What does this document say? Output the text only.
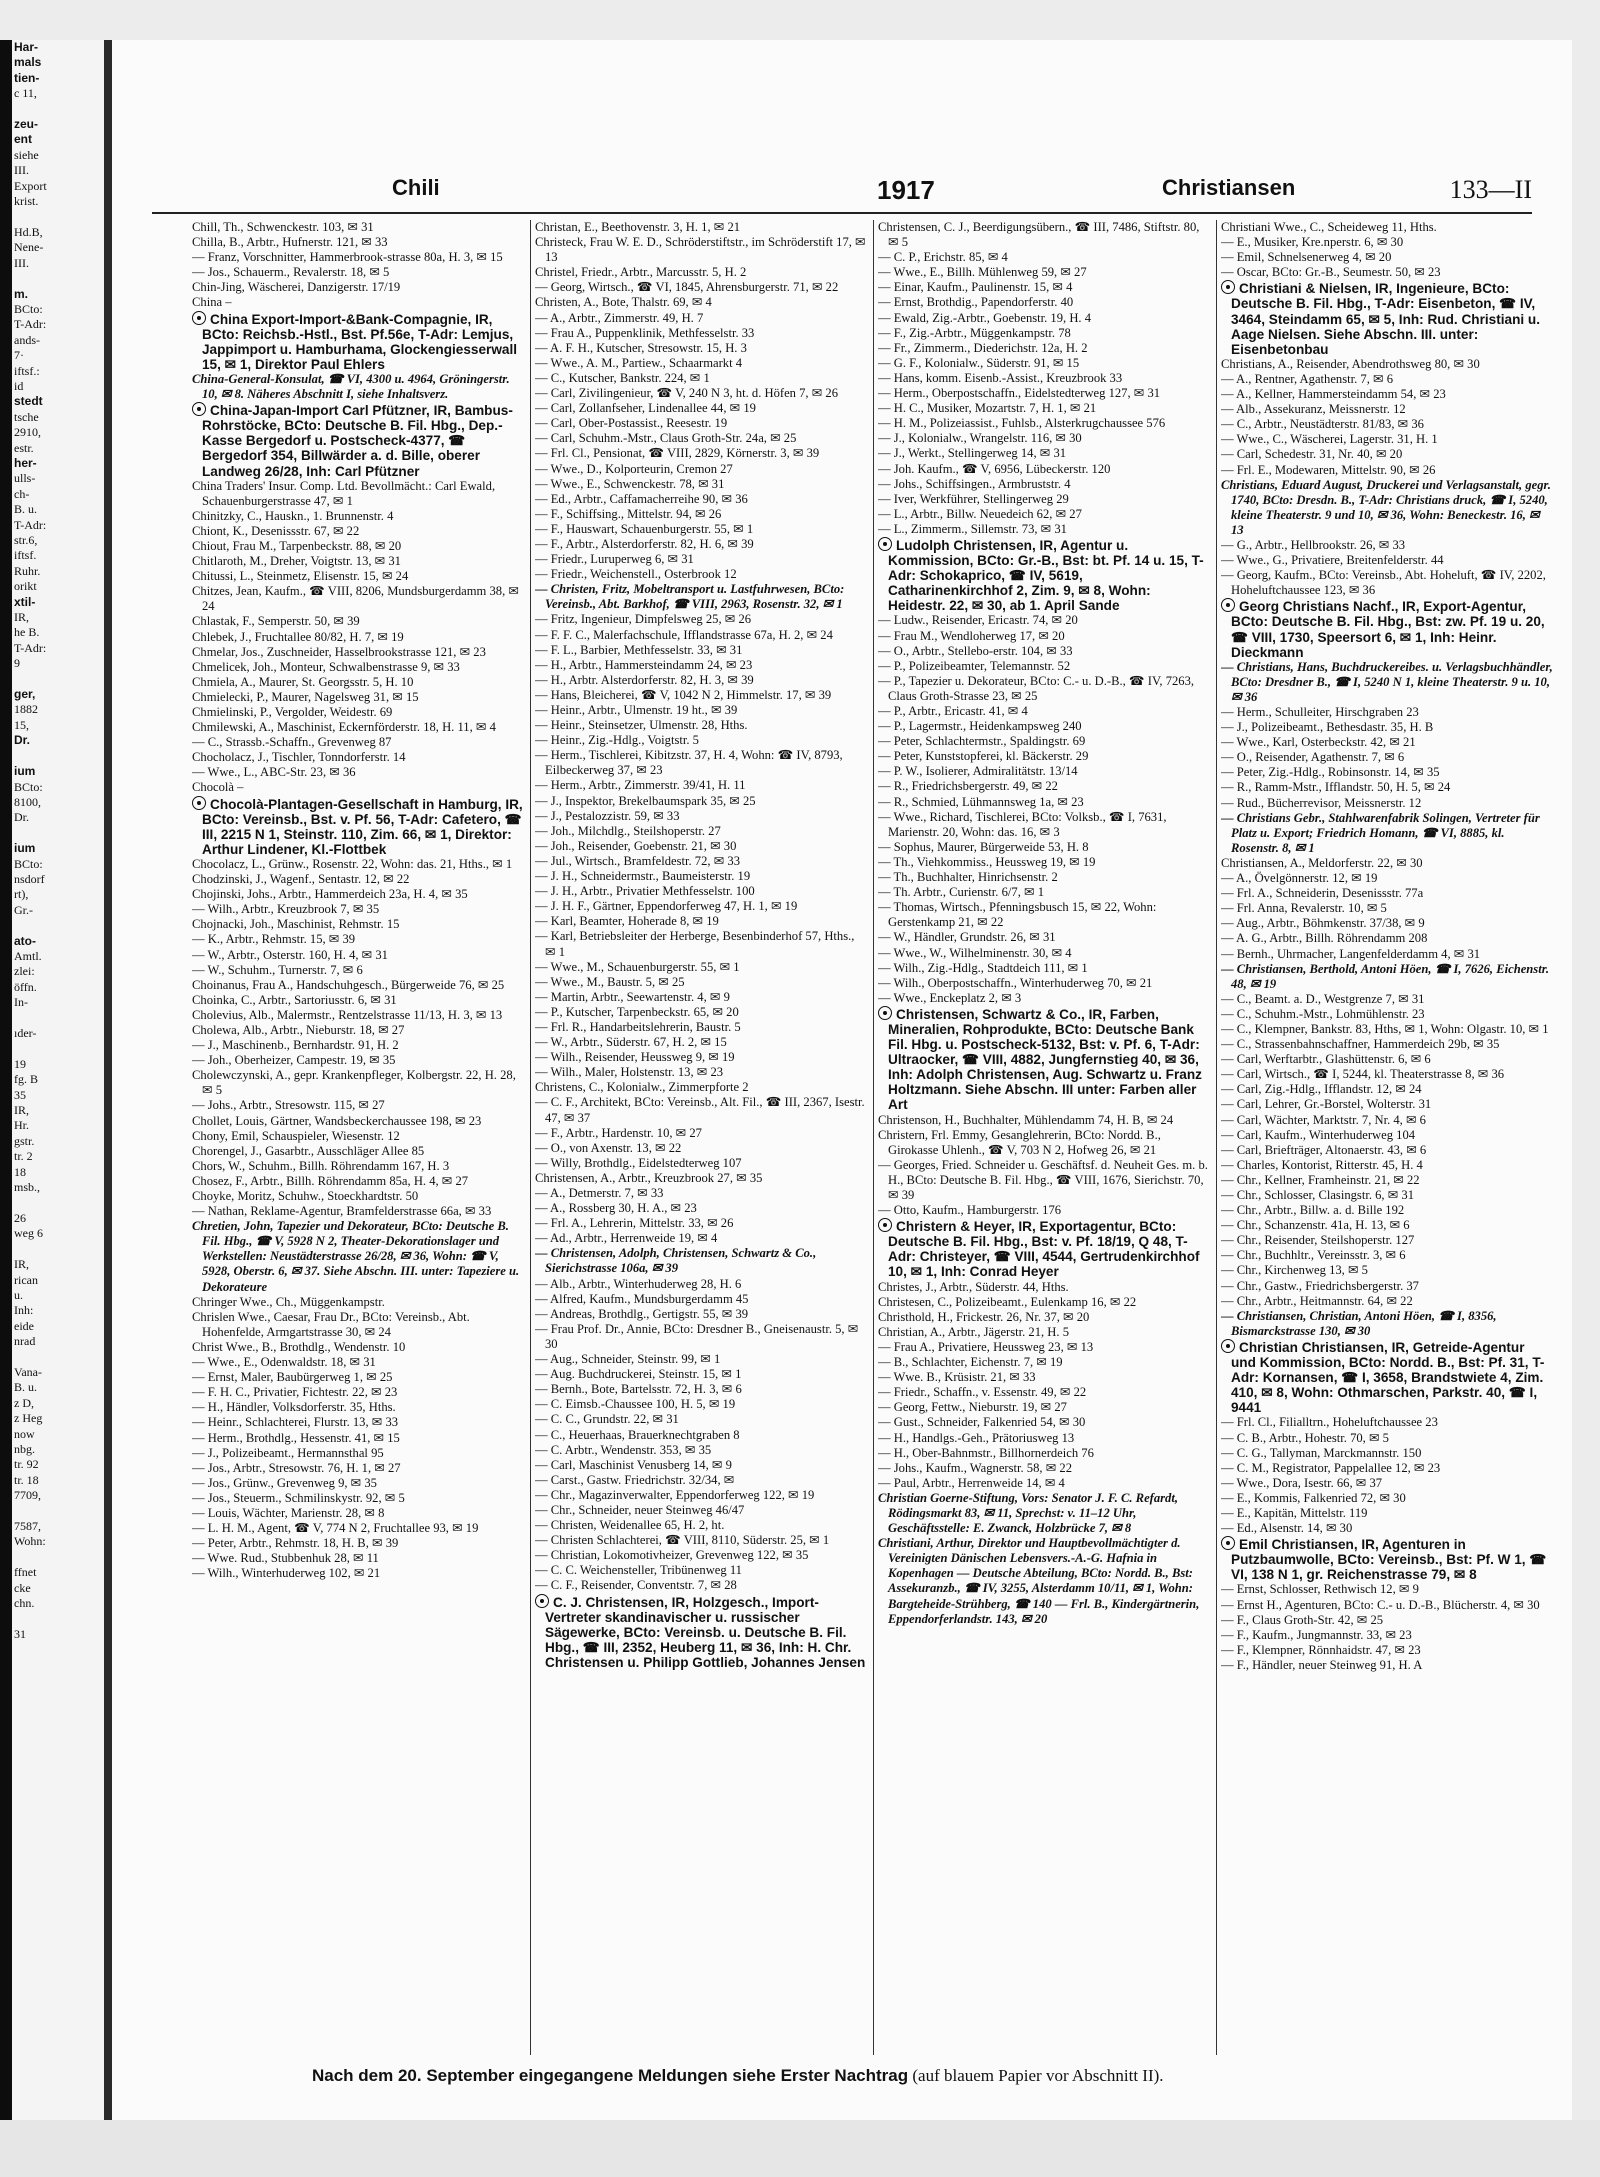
Har-
mals
tien-
c 11,

zeu-
ent
siehe
III.
Export
krist.

Hd.B,
Nene-
III.

m.
BCto:
T-Adr:
ands-
7·
iftsf.:
id
stedt
tsche
2910,
estr.
her-
ulls-
ch-
B. u.
T-Adr:
str.6,
iftsf.
Ruhr.
orikt
xtil-
IR,
he B.
T-Adr:
9

ger,
1882
15,
Dr.

ium
BCto:
8100,
Dr.

ium
BCto:
nsdorf
rt),
Gr.-

ato-
Amtl.
zlei:
öffn.
In-

ıder-

19
fg. B
35
IR,
Hr.
gstr.
tr. 2
18
msb.,

26
weg 6

IR,
rican
u.
Inh:
eide
nrad

Vana-
B. u.
z D,
z Heg
now
nbg.
tr. 92
tr. 18
7709,

7587,
Wohn:

ffnet
cke
chn.

31
Chili	1917	Christiansen	133—II

Chill, Th., Schwenckestr. 103, ✉ 31

Chilla, B., Arbtr., Hufnerstr. 121, ✉ 33

— Franz, Vorschnitter, Hammerbrook-strasse 80a, H. 3, ✉ 15

— Jos., Schauerm., Revalerstr. 18, ✉ 5

Chin-Jing, Wäscherei, Danzigerstr. 17/19

China –

China Export-Import-&Bank-Compagnie, IR, BCto: Reichsb.-Hstl., Bst. Pf.56e, T-Adr: Lemjus, Jappimport u. Hamburhama, Glockengiesserwall 15, ✉ 1, Direktor Paul Ehlers

China-General-Konsulat, ☎ VI, 4300 u. 4964, Gröningerstr. 10, ✉ 8. Näheres Abschnitt I, siehe Inhaltsverz.

China-Japan-Import Carl Pfützner, IR, Bambus-Rohrstöcke, BCto: Deutsche B. Fil. Hbg., Dep.-Kasse Bergedorf u. Postscheck-4377, ☎ Bergedorf 354, Billwärder a. d. Bille, oberer Landweg 26/28, Inh: Carl Pfützner

China Traders' Insur. Comp. Ltd. Bevollmächt.: Carl Ewald, Schauenburgerstrasse 47, ✉ 1

Chinitzky, C., Hauskn., 1. Brunnenstr. 4

Chiont, K., Desenissstr. 67, ✉ 22

Chiout, Frau M., Tarpenbeckstr. 88, ✉ 20

Chitlaroth, M., Dreher, Voigtstr. 13, ✉ 31

Chitussi, L., Steinmetz, Elisenstr. 15, ✉ 24

Chitzes, Jean, Kaufm., ☎ VIII, 8206, Mundsburgerdamm 38, ✉ 24

Chlastak, F., Semperstr. 50, ✉ 39

Chlebek, J., Fruchtallee 80/82, H. 7, ✉ 19

Chmelar, Jos., Zuschneider, Hasselbrookstrasse 121, ✉ 23

Chmelicek, Joh., Monteur, Schwalbenstrasse 9, ✉ 33

Chmiela, A., Maurer, St. Georgsstr. 5, H. 10

Chmielecki, P., Maurer, Nagelsweg 31, ✉ 15

Chmielinski, P., Vergolder, Weidestr. 69

Chmilewski, A., Maschinist, Eckernförderstr. 18, H. 11, ✉ 4

— C., Strassb.-Schaffn., Grevenweg 87

Chocholacz, J., Tischler, Tonndorferstr. 14

— Wwe., L., ABC-Str. 23, ✉ 36

Chocolà –

Chocolà-Plantagen-Gesellschaft in Hamburg, IR, BCto: Vereinsb., Bst. v. Pf. 56, T-Adr: Cafetero, ☎ III, 2215 N 1, Steinstr. 110, Zim. 66, ✉ 1, Direktor: Arthur Lindener, Kl.-Flottbek

Chocolacz, L., Grünw., Rosenstr. 22, Wohn: das. 21, Hths., ✉ 1

Chodzinski, J., Wagenf., Sentastr. 12, ✉ 22

Chojinski, Johs., Arbtr., Hammerdeich 23a, H. 4, ✉ 35

— Wilh., Arbtr., Kreuzbrook 7, ✉ 35

Chojnacki, Joh., Maschinist, Rehmstr. 15

— K., Arbtr., Rehmstr. 15, ✉ 39

— W., Arbtr., Osterstr. 160, H. 4, ✉ 31

— W., Schuhm., Turnerstr. 7, ✉ 6

Choinanus, Frau A., Handschuhgesch., Bürgerweide 76, ✉ 25

Choinka, C., Arbtr., Sartoriusstr. 6, ✉ 31

Cholevius, Alb., Malermstr., Rentzelstrasse 11/13, H. 3, ✉ 13

Cholewa, Alb., Arbtr., Nieburstr. 18, ✉ 27

— J., Maschinenb., Bernhardstr. 91, H. 2

— Joh., Oberheizer, Campestr. 19, ✉ 35

Cholewczynski, A., gepr. Krankenpfleger, Kolbergstr. 22, H. 28, ✉ 5

— Johs., Arbtr., Stresowstr. 115, ✉ 27

Chollet, Louis, Gärtner, Wandsbeckerchaussee 198, ✉ 23

Chony, Emil, Schauspieler, Wiesenstr. 12

Chorengel, J., Gasarbtr., Ausschläger Allee 85

Chors, W., Schuhm., Billh. Röhrendamm 167, H. 3

Chosez, F., Arbtr., Billh. Röhrendamm 85a, H. 4, ✉ 27

Choyke, Moritz, Schuhw., Stoeckhardtstr. 50

— Nathan, Reklame-Agentur, Bramfelderstrasse 66a, ✉ 33

Chretien, John, Tapezier und Dekorateur, BCto: Deutsche B. Fil. Hbg., ☎ V, 5928 N 2, Theater-Dekorationslager und Werkstellen: Neustädterstrasse 26/28, ✉ 36, Wohn: ☎ V, 5928, Oberstr. 6, ✉ 37. Siehe Abschn. III. unter: Tapeziere u. Dekorateure

Chringer Wwe., Ch., Müggenkampstr.

Chrislen Wwe., Caesar, Frau Dr., BCto: Vereinsb., Abt. Hohenfelde, Armgartstrasse 30, ✉ 24

Christ Wwe., B., Brothdlg., Wendenstr. 10

— Wwe., E., Odenwaldstr. 18, ✉ 31

— Ernst, Maler, Baubürgerweg 1, ✉ 25

— F. H. C., Privatier, Fichtestr. 22, ✉ 23

— H., Händler, Volksdorferstr. 35, Hths.

— Heinr., Schlachterei, Flurstr. 13, ✉ 33

— Herm., Brothdlg., Hessenstr. 41, ✉ 15

— J., Polizeibeamt., Hermannsthal 95

— Jos., Arbtr., Stresowstr. 76, H. 1, ✉ 27

— Jos., Grünw., Grevenweg 9, ✉ 35

— Jos., Steuerm., Schmilinskystr. 92, ✉ 5

— Louis, Wächter, Marienstr. 28, ✉ 8

— L. H. M., Agent, ☎ V, 774 N 2, Fruchtallee 93, ✉ 19

— Peter, Arbtr., Rehmstr. 18, H. B, ✉ 39

— Wwe. Rud., Stubbenhuk 28, ✉ 11

— Wilh., Winterhuderweg 102, ✉ 21

Christan, E., Beethovenstr. 3, H. 1, ✉ 21

Christeck, Frau W. E. D., Schröderstiftstr., im Schröderstift 17, ✉ 13

Christel, Friedr., Arbtr., Marcusstr. 5, H. 2

— Georg, Wirtsch., ☎ VI, 1845, Ahrensburgerstr. 71, ✉ 22

Christen, A., Bote, Thalstr. 69, ✉ 4

— A., Arbtr., Zimmerstr. 49, H. 7

— Frau A., Puppenklinik, Methfesselstr. 33

— A. F. H., Kutscher, Stresowstr. 15, H. 3

— Wwe., A. M., Partiew., Schaarmarkt 4

— C., Kutscher, Bankstr. 224, ✉ 1

— Carl, Zivilingenieur, ☎ V, 240 N 3, ht. d. Höfen 7, ✉ 26

— Carl, Zollanfseher, Lindenallee 44, ✉ 19

— Carl, Ober-Postassist., Reesestr. 19

— Carl, Schuhm.-Mstr., Claus Groth-Str. 24a, ✉ 25

— Frl. Cl., Pensionat, ☎ VIII, 2829, Körnerstr. 3, ✉ 39

— Wwe., D., Kolporteurin, Cremon 27

— Wwe., E., Schwenckestr. 78, ✉ 31

— Ed., Arbtr., Caffamacherreihe 90, ✉ 36

— F., Schiffsing., Mittelstr. 94, ✉ 26

— F., Hauswart, Schauenburgerstr. 55, ✉ 1

— F., Arbtr., Alsterdorferstr. 82, H. 6, ✉ 39

— Friedr., Luruperweg 6, ✉ 31

— Friedr., Weichenstell., Osterbrook 12

— Christen, Fritz, Mobeltransport u. Lastfuhrwesen, BCto: Vereinsb., Abt. Barkhof, ☎ VIII, 2963, Rosenstr. 32, ✉ 1

— Fritz, Ingenieur, Dimpfelsweg 25, ✉ 26

— F. F. C., Malerfachschule, Ifflandstrasse 67a, H. 2, ✉ 24

— F. L., Barbier, Methfesselstr. 33, ✉ 31

— H., Arbtr., Hammersteindamm 24, ✉ 23

— H., Arbtr. Alsterdorferstr. 82, H. 3, ✉ 39

— Hans, Bleicherei, ☎ V, 1042 N 2, Himmelstr. 17, ✉ 39

— Heinr., Arbtr., Ulmenstr. 19 ht., ✉ 39

— Heinr., Steinsetzer, Ulmenstr. 28, Hths.

— Heinr., Zig.-Hdlg., Voigtstr. 5

— Herm., Tischlerei, Kibitzstr. 37, H. 4, Wohn: ☎ IV, 8793, Eilbeckerweg 37, ✉ 23

— Herm., Arbtr., Zimmerstr. 39/41, H. 11

— J., Inspektor, Brekelbaumspark 35, ✉ 25

— J., Pestalozzistr. 59, ✉ 33

— Joh., Milchdlg., Steilshoperstr. 27

— Joh., Reisender, Goebenstr. 21, ✉ 30

— Jul., Wirtsch., Bramfeldestr. 72, ✉ 33

— J. H., Schneidermstr., Baumeisterstr. 19

— J. H., Arbtr., Privatier Methfesselstr. 100

— J. H. F., Gärtner, Eppendorferweg 47, H. 1, ✉ 19

— Karl, Beamter, Hoherade 8, ✉ 19

— Karl, Betriebsleiter der Herberge, Besenbinderhof 57, Hths., ✉ 1

— Wwe., M., Schauenburgerstr. 55, ✉ 1

— Wwe., M., Baustr. 5, ✉ 25

— Martin, Arbtr., Seewartenstr. 4, ✉ 9

— P., Kutscher, Tarpenbeckstr. 65, ✉ 20

— Frl. R., Handarbeitslehrerin, Baustr. 5

— W., Arbtr., Süderstr. 67, H. 2, ✉ 15

— Wilh., Reisender, Heussweg 9, ✉ 19

— Wilh., Maler, Holstenstr. 13, ✉ 23

Christens, C., Kolonialw., Zimmerpforte 2

— C. F., Architekt, BCto: Vereinsb., Alt. Fil., ☎ III, 2367, Isestr. 47, ✉ 37

— F., Arbtr., Hardenstr. 10, ✉ 27

— O., von Axenstr. 13, ✉ 22

— Willy, Brothdlg., Eidelstedterweg 107

Christensen, A., Arbtr., Kreuzbrook 27, ✉ 35

— A., Detmerstr. 7, ✉ 33

— A., Rossberg 30, H. A., ✉ 23

— Frl. A., Lehrerin, Mittelstr. 33, ✉ 26

— Ad., Arbtr., Herrenweide 19, ✉ 4

— Christensen, Adolph, Christensen, Schwartz & Co., Sierichstrasse 106a, ✉ 39

— Alb., Arbtr., Winterhuderweg 28, H. 6

— Alfred, Kaufm., Mundsburgerdamm 45

— Andreas, Brothdlg., Gertigstr. 55, ✉ 39

— Frau Prof. Dr., Annie, BCto: Dresdner B., Gneisenaustr. 5, ✉ 30

— Aug., Schneider, Steinstr. 99, ✉ 1

— Aug. Buchdruckerei, Steinstr. 15, ✉ 1

— Bernh., Bote, Bartelsstr. 72, H. 3, ✉ 6

— C. Eimsb.-Chaussee 100, H. 5, ✉ 19

— C. C., Grundstr. 22, ✉ 31

— C., Heuerhaas, Brauerknechtgraben 8

— C. Arbtr., Wendenstr. 353, ✉ 35

— Carl, Maschinist Venusberg 14, ✉ 9

— Carst., Gastw. Friedrichstr. 32/34, ✉

— Chr., Magazinverwalter, Eppendorferweg 122, ✉ 19

— Chr., Schneider, neuer Steinweg 46/47

— Christen, Weidenallee 65, H. 2, ht.

— Christen Schlachterei, ☎ VIII, 8110, Süderstr. 25, ✉ 1

— Christian, Lokomotivheizer, Grevenweg 122, ✉ 35

— C. C. Weichensteller, Tribünenweg 11

— C. F., Reisender, Conventstr. 7, ✉ 28

C. J. Christensen, IR, Holzgesch., Import-Vertreter skandinavischer u. russischer Sägewerke, BCto: Vereinsb. u. Deutsche B. Fil. Hbg., ☎ III, 2352, Heuberg 11, ✉ 36, Inh: H. Chr. Christensen u. Philipp Gottlieb, Johannes Jensen

Christensen, C. J., Beerdigungsübern., ☎ III, 7486, Stiftstr. 80, ✉ 5

— C. P., Erichstr. 85, ✉ 4

— Wwe., E., Billh. Mühlenweg 59, ✉ 27

— Einar, Kaufm., Paulinenstr. 15, ✉ 4

— Ernst, Brothdig., Papendorferstr. 40

— Ewald, Zig.-Arbtr., Goebenstr. 19, H. 4

— F., Zig.-Arbtr., Müggenkampstr. 78

— Fr., Zimmerm., Diederichstr. 12a, H. 2

— G. F., Kolonialw., Süderstr. 91, ✉ 15

— Hans, komm. Eisenb.-Assist., Kreuzbrook 33

— Herm., Oberpostschaffn., Eidelstedterweg 127, ✉ 31

— H. C., Musiker, Mozartstr. 7, H. 1, ✉ 21

— H. M., Polizeiassist., Fuhlsb., Alsterkrugchaussee 576

— J., Kolonialw., Wrangelstr. 116, ✉ 30

— J., Werkt., Stellingerweg 14, ✉ 31

— Joh. Kaufm., ☎ V, 6956, Lübeckerstr. 120

— Johs., Schiffsingen., Armbruststr. 4

— Iver, Werkführer, Stellingerweg 29

— L., Arbtr., Billw. Neuedeich 62, ✉ 27

— L., Zimmerm., Sillemstr. 73, ✉ 31

Ludolph Christensen, IR, Agentur u. Kommission, BCto: Gr.-B., Bst: bt. Pf. 14 u. 15, T-Adr: Schokaprico, ☎ IV, 5619, Catharinenkirchhof 2, Zim. 9, ✉ 8, Wohn: Heidestr. 22, ✉ 30, ab 1. April Sande

— Ludw., Reisender, Ericastr. 74, ✉ 20

— Frau M., Wendloherweg 17, ✉ 20

— O., Arbtr., Stellebo-erstr. 104, ✉ 33

— P., Polizeibeamter, Telemannstr. 52

— P., Tapezier u. Dekorateur, BCto: C.- u. D.-B., ☎ IV, 7263, Claus Groth-Strasse 23, ✉ 25

— P., Arbtr., Ericastr. 41, ✉ 4

— P., Lagermstr., Heidenkampsweg 240

— Peter, Schlachtermstr., Spaldingstr. 69

— Peter, Kunststopferei, kl. Bäckerstr. 29

— P. W., Isolierer, Admiralitätstr. 13/14

— R., Friedrichsbergerstr. 49, ✉ 22

— R., Schmied, Lühmannsweg 1a, ✉ 23

— Wwe., Richard, Tischlerei, BCto: Volksb., ☎ I, 7631, Marienstr. 20, Wohn: das. 16, ✉ 3

— Sophus, Maurer, Bürgerweide 53, H. 8

— Th., Viehkommiss., Heussweg 19, ✉ 19

— Th., Buchhalter, Hinrichsenstr. 2

— Th. Arbtr., Curienstr. 6/7, ✉ 1

— Thomas, Wirtsch., Pfenningsbusch 15, ✉ 22, Wohn: Gerstenkamp 21, ✉ 22

— W., Händler, Grundstr. 26, ✉ 31

— Wwe., W., Wilhelminenstr. 30, ✉ 4

— Wilh., Zig.-Hdlg., Stadtdeich 111, ✉ 1

— Wilh., Oberpostschaffn., Winterhuderweg 70, ✉ 21

— Wwe., Enckeplatz 2, ✉ 3

Christensen, Schwartz & Co., IR, Farben, Mineralien, Rohprodukte, BCto: Deutsche Bank Fil. Hbg. u. Postscheck-5132, Bst: v. Pf. 6, T-Adr: Ultraocker, ☎ VIII, 4882, Jungfernstieg 40, ✉ 36, Inh: Adolph Christensen, Aug. Schwartz u. Franz Holtzmann. Siehe Abschn. III unter: Farben aller Art

Christenson, H., Buchhalter, Mühlendamm 74, H. B, ✉ 24

Christern, Frl. Emmy, Gesanglehrerin, BCto: Nordd. B., Girokasse Uhlenh., ☎ V, 703 N 2, Hofweg 26, ✉ 21

— Georges, Fried. Schneider u. Geschäftsf. d. Neuheit Ges. m. b. H., BCto: Deutsche B. Fil. Hbg., ☎ VIII, 1676, Sierichstr. 70, ✉ 39

— Otto, Kaufm., Hamburgerstr. 176

Christern & Heyer, IR, Exportagentur, BCto: Deutsche B. Fil. Hbg., Bst: v. Pf. 18/19, Q 48, T-Adr: Christeyer, ☎ VIII, 4544, Gertrudenkirchhof 10, ✉ 1, Inh: Conrad Heyer

Christes, J., Arbtr., Süderstr. 44, Hths.

Christesen, C., Polizeibeamt., Eulenkamp 16, ✉ 22

Christhold, H., Frickestr. 26, Nr. 37, ✉ 20

Christian, A., Arbtr., Jägerstr. 21, H. 5

— Frau A., Privatiere, Heussweg 23, ✉ 13

— B., Schlachter, Eichenstr. 7, ✉ 19

— Wwe. B., Krüsistr. 21, ✉ 33

— Friedr., Schaffn., v. Essenstr. 49, ✉ 22

— Georg, Fettw., Nieburstr. 19, ✉ 27

— Gust., Schneider, Falkenried 54, ✉ 30

— H., Handlgs.-Geh., Prätoriusweg 13

— H., Ober-Bahnmstr., Billhornerdeich 76

— Johs., Kaufm., Wagnerstr. 58, ✉ 22

— Paul, Arbtr., Herrenweide 14, ✉ 4

Christian Goerne-Stiftung, Vors: Senator J. F. C. Refardt, Rödingsmarkt 83, ✉ 11, Sprechst: v. 11–12 Uhr, Geschäftsstelle: E. Zwanck, Holzbrücke 7, ✉ 8

Christiani, Arthur, Direktor und Hauptbevollmächtigter d. Vereinigten Dänischen Lebensvers.-A.-G. Hafnia in Kopenhagen — Deutsche Abteilung, BCto: Nordd. B., Bst: Assekuranzb., ☎ IV, 3255, Alsterdamm 10/11, ✉ 1, Wohn: Bargteheide-Strühberg, ☎ 140 — Frl. B., Kindergärtnerin, Eppendorferlandstr. 143, ✉ 20

Christiani Wwe., C., Scheideweg 11, Hths.

— E., Musiker, Kre.nperstr. 6, ✉ 30

— Emil, Schnelsenerweg 4, ✉ 20

— Oscar, BCto: Gr.-B., Seumestr. 50, ✉ 23

Christiani & Nielsen, IR, Ingenieure, BCto: Deutsche B. Fil. Hbg., T-Adr: Eisenbeton, ☎ IV, 3464, Steindamm 65, ✉ 5, Inh: Rud. Christiani u. Aage Nielsen. Siehe Abschn. III. unter: Eisenbetonbau

Christians, A., Reisender, Abendrothsweg 80, ✉ 30

— A., Rentner, Agathenstr. 7, ✉ 6

— A., Kellner, Hammersteindamm 54, ✉ 23

— Alb., Assekuranz, Meissnerstr. 12

— C., Arbtr., Neustädterstr. 81/83, ✉ 36

— Wwe., C., Wäscherei, Lagerstr. 31, H. 1

— Carl, Schedestr. 31, Nr. 40, ✉ 20

— Frl. E., Modewaren, Mittelstr. 90, ✉ 26

Christians, Eduard August, Druckerei und Verlagsanstalt, gegr. 1740, BCto: Dresdn. B., T-Adr: Christians druck, ☎ I, 5240, kleine Theaterstr. 9 und 10, ✉ 36, Wohn: Beneckestr. 16, ✉ 13

— G., Arbtr., Hellbrookstr. 26, ✉ 33

— Wwe., G., Privatiere, Breitenfelderstr. 44

— Georg, Kaufm., BCto: Vereinsb., Abt. Hoheluft, ☎ IV, 2202, Hoheluftchaussee 123, ✉ 36

Georg Christians Nachf., IR, Export-Agentur, BCto: Deutsche B. Fil. Hbg., Bst: zw. Pf. 19 u. 20, ☎ VIII, 1730, Speersort 6, ✉ 1, Inh: Heinr. Dieckmann

— Christians, Hans, Buchdruckereibes. u. Verlagsbuchhändler, BCto: Dresdner B., ☎ I, 5240 N 1, kleine Theaterstr. 9 u. 10, ✉ 36

— Herm., Schulleiter, Hirschgraben 23

— J., Polizeibeamt., Bethesdastr. 35, H. B

— Wwe., Karl, Osterbeckstr. 42, ✉ 21

— O., Reisender, Agathenstr. 7, ✉ 6

— Peter, Zig.-Hdlg., Robinsonstr. 14, ✉ 35

— R., Ramm-Mstr., Ifflandstr. 50, H. 5, ✉ 24

— Rud., Bücherrevisor, Meissnerstr. 12

— Christians Gebr., Stahlwarenfabrik Solingen, Vertreter für Platz u. Export; Friedrich Homann, ☎ VI, 8885, kl. Rosenstr. 8, ✉ 1

Christiansen, A., Meldorferstr. 22, ✉ 30

— A., Övelgönnerstr. 12, ✉ 19

— Frl. A., Schneiderin, Desenissstr. 77a

— Frl. Anna, Revalerstr. 10, ✉ 5

— Aug., Arbtr., Böhmkenstr. 37/38, ✉ 9

— A. G., Arbtr., Billh. Röhrendamm 208

— Bernh., Uhrmacher, Langenfelderdamm 4, ✉ 31

— Christiansen, Berthold, Antoni Höen, ☎ I, 7626, Eichenstr. 48, ✉ 19

— C., Beamt. a. D., Westgrenze 7, ✉ 31

— C., Schuhm.-Mstr., Lohmühlenstr. 23

— C., Klempner, Bankstr. 83, Hths, ✉ 1, Wohn: Olgastr. 10, ✉ 1

— C., Strassenbahnschaffner, Hammerdeich 29b, ✉ 35

— Carl, Werftarbtr., Glashüttenstr. 6, ✉ 6

— Carl, Wirtsch., ☎ I, 5244, kl. Theaterstrasse 8, ✉ 36

— Carl, Zig.-Hdlg., Ifflandstr. 12, ✉ 24

— Carl, Lehrer, Gr.-Borstel, Wolterstr. 31

— Carl, Wächter, Marktstr. 7, Nr. 4, ✉ 6

— Carl, Kaufm., Winterhuderweg 104

— Carl, Briefträger, Altonaerstr. 43, ✉ 6

— Charles, Kontorist, Ritterstr. 45, H. 4

— Chr., Kellner, Framheinstr. 21, ✉ 22

— Chr., Schlosser, Clasingstr. 6, ✉ 31

— Chr., Arbtr., Billw. a. d. Bille 192

— Chr., Schanzenstr. 41a, H. 13, ✉ 6

— Chr., Reisender, Steilshoperstr. 127

— Chr., Buchhltr., Vereinsstr. 3, ✉ 6

— Chr., Kirchenweg 13, ✉ 5

— Chr., Gastw., Friedrichsbergerstr. 37

— Chr., Arbtr., Heitmannstr. 64, ✉ 22

— Christiansen, Christian, Antoni Höen, ☎ I, 8356, Bismarckstrasse 130, ✉ 30

Christian Christiansen, IR, Getreide-Agentur und Kommission, BCto: Nordd. B., Bst: Pf. 31, T-Adr: Kornansen, ☎ I, 3658, Brandstwiete 4, Zim. 410, ✉ 8, Wohn: Othmarschen, Parkstr. 40, ☎ I, 9441

— Frl. Cl., Filialltrn., Hoheluftchaussee 23

— C. B., Arbtr., Hohestr. 70, ✉ 5

— C. G., Tallyman, Marckmannstr. 150

— C. M., Registrator, Pappelallee 12, ✉ 23

— Wwe., Dora, Isestr. 66, ✉ 37

— E., Kommis, Falkenried 72, ✉ 30

— E., Kapitän, Mittelstr. 119

— Ed., Alsenstr. 14, ✉ 30

Emil Christiansen, IR, Agenturen in Putzbaumwolle, BCto: Vereinsb., Bst: Pf. W 1, ☎ VI, 138 N 1, gr. Reichenstrasse 79, ✉ 8

— Ernst, Schlosser, Rethwisch 12, ✉ 9

— Ernst H., Agenturen, BCto: C.- u. D.-B., Blücherstr. 4, ✉ 30

— F., Claus Groth-Str. 42, ✉ 25

— F., Kaufm., Jungmannstr. 33, ✉ 23

— F., Klempner, Rönnhaidstr. 47, ✉ 23

— F., Händler, neuer Steinweg 91, H. A

Nach dem 20. September eingegangene Meldungen siehe Erster Nachtrag (auf blauem Papier vor Abschnitt II).
